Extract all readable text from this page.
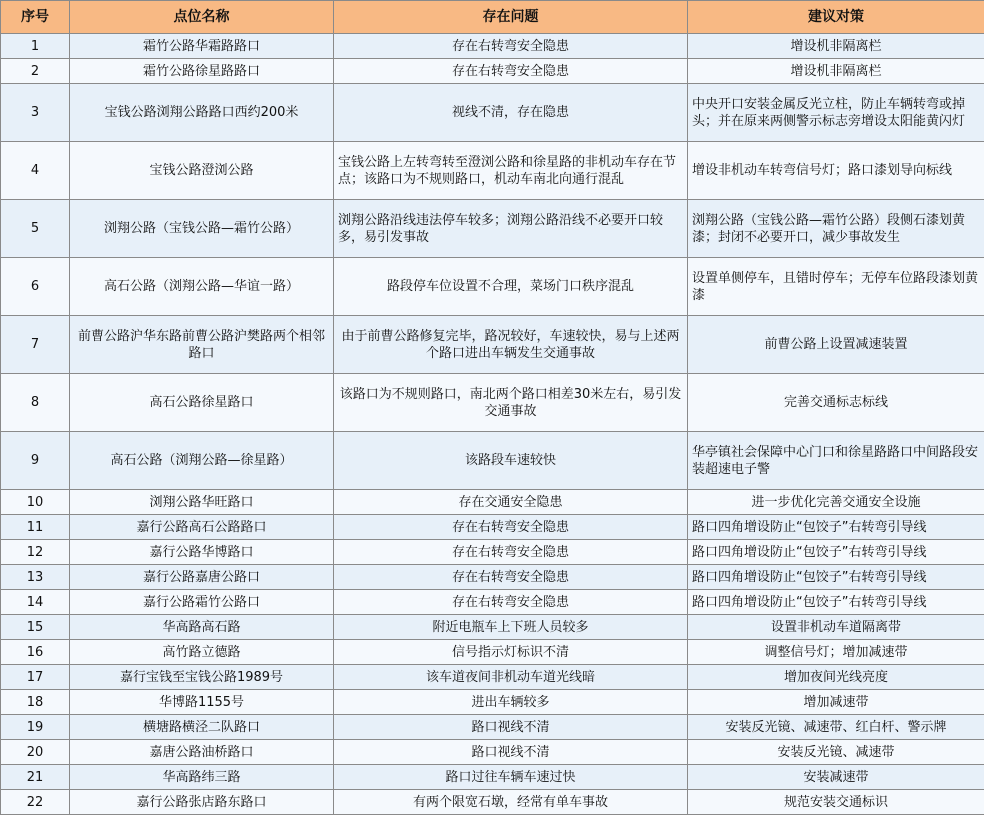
序号	点位名称	存在问题	建议对策
1	霜竹公路华霜路路口	存在右转弯安全隐患	增设机非隔离栏
2	霜竹公路徐星路路口	存在右转弯安全隐患	增设机非隔离栏
3	宝钱公路浏翔公路路口西约200米	视线不清，存在隐患	中央开口安装金属反光立柱，防止车辆转弯或掉头；并在原来两侧警示标志旁增设太阳能黄闪灯
4	宝钱公路澄浏公路	宝钱公路上左转弯转至澄浏公路和徐星路的非机动车存在节点；该路口为不规则路口，机动车南北向通行混乱	增设非机动车转弯信号灯；路口漆划导向标线
5	浏翔公路（宝钱公路—霜竹公路）	浏翔公路沿线违法停车较多；浏翔公路沿线不必要开口较多，易引发事故	浏翔公路（宝钱公路—霜竹公路）段侧石漆划黄漆；封闭不必要开口，减少事故发生
6	高石公路（浏翔公路—华谊一路）	路段停车位设置不合理，菜场门口秩序混乱	设置单侧停车，且错时停车；无停车位路段漆划黄漆
7	前曹公路沪华东路前曹公路沪樊路两个相邻路口	由于前曹公路修复完毕，路况较好，车速较快，易与上述两个路口进出车辆发生交通事故	前曹公路上设置减速装置
8	高石公路徐星路口	该路口为不规则路口，南北两个路口相差30米左右，易引发交通事故	完善交通标志标线
9	高石公路（浏翔公路—徐星路）	该路段车速较快	华亭镇社会保障中心门口和徐星路路口中间路段安装超速电子警
10	浏翔公路华旺路口	存在交通安全隐患	进一步优化完善交通安全设施
11	嘉行公路高石公路路口	存在右转弯安全隐患	路口四角增设防止“包饺子”右转弯引导线

12	嘉行公路华博路口	存在右转弯安全隐患	路口四角增设防止“包饺子”右转弯引导线

13	嘉行公路嘉唐公路口	存在右转弯安全隐患	路口四角增设防止“包饺子”右转弯引导线

14	嘉行公路霜竹公路口	存在右转弯安全隐患	路口四角增设防止“包饺子”右转弯引导线

15	华高路高石路	附近电瓶车上下班人员较多	设置非机动车道隔离带
16	高竹路立德路	信号指示灯标识不清	调整信号灯；增加减速带
17	嘉行宝钱至宝钱公路1989号	该车道夜间非机动车道光线暗	增加夜间光线亮度
18	华博路1155号	进出车辆较多	增加减速带
19	横塘路横泾二队路口	路口视线不清	安装反光镜、减速带、红白杆、警示牌
20	嘉唐公路油桥路口	路口视线不清	安装反光镜、减速带
21	华高路纬三路	路口过往车辆车速过快	安装减速带
22	嘉行公路张店路东路口	有两个限宽石墩，经常有单车事故	规范安装交通标识
